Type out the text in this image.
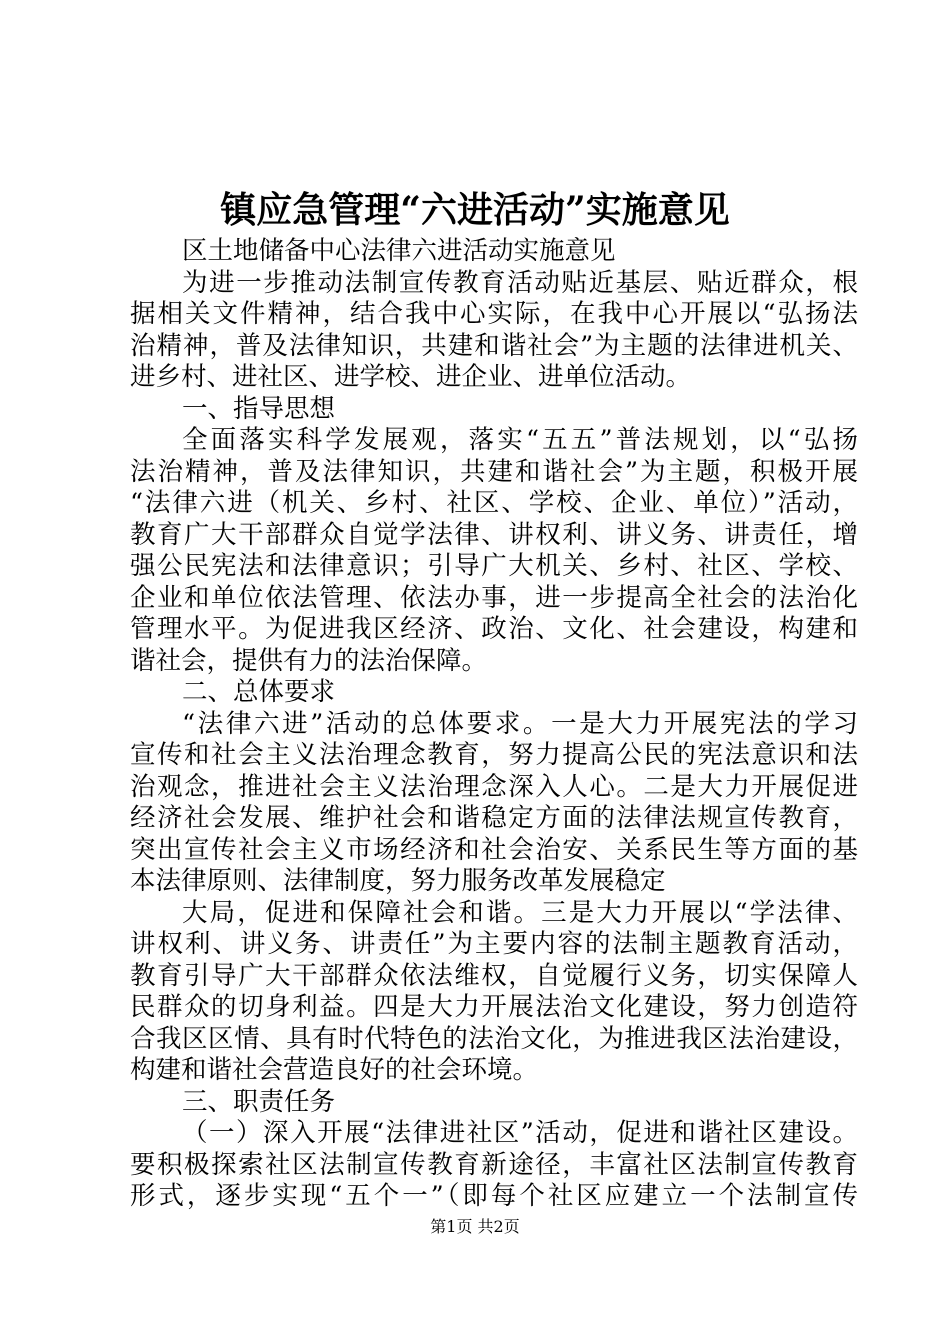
镇应急管理“六进活动”实施意见
区土地储备中心法律六进活动实施意见
为进一步推动法制宣传教育活动贴近基层、贴近群众，根
据相关文件精神，结合我中心实际，在我中心开展以“弘扬法
治精神，普及法律知识，共建和谐社会”为主题的法律进机关、
进乡村、进社区、进学校、进企业、进单位活动。
一、指导思想
全面落实科学发展观，落实“五五”普法规划，以“弘扬
法治精神，普及法律知识，共建和谐社会”为主题，积极开展
“法律六进（机关、乡村、社区、学校、企业、单位）”活动，
教育广大干部群众自觉学法律、讲权利、讲义务、讲责任，增
强公民宪法和法律意识；引导广大机关、乡村、社区、学校、
企业和单位依法管理、依法办事，进一步提高全社会的法治化
管理水平。为促进我区经济、政治、文化、社会建设，构建和
谐社会，提供有力的法治保障。
二、总体要求
“法律六进”活动的总体要求。一是大力开展宪法的学习
宣传和社会主义法治理念教育，努力提高公民的宪法意识和法
治观念，推进社会主义法治理念深入人心。二是大力开展促进
经济社会发展、维护社会和谐稳定方面的法律法规宣传教育，
突出宣传社会主义市场经济和社会治安、关系民生等方面的基
本法律原则、法律制度，努力服务改革发展稳定
大局，促进和保障社会和谐。三是大力开展以“学法律、
讲权利、讲义务、讲责任”为主要内容的法制主题教育活动，
教育引导广大干部群众依法维权，自觉履行义务，切实保障人
民群众的切身利益。四是大力开展法治文化建设，努力创造符
合我区区情、具有时代特色的法治文化，为推进我区法治建设，
构建和谐社会营造良好的社会环境。
三、职责任务
（一）深入开展“法律进社区”活动，促进和谐社区建设。
要积极探索社区法制宣传教育新途径，丰富社区法制宣传教育
形式，逐步实现“五个一”（即每个社区应建立一个法制宣传
第1页 共2页
